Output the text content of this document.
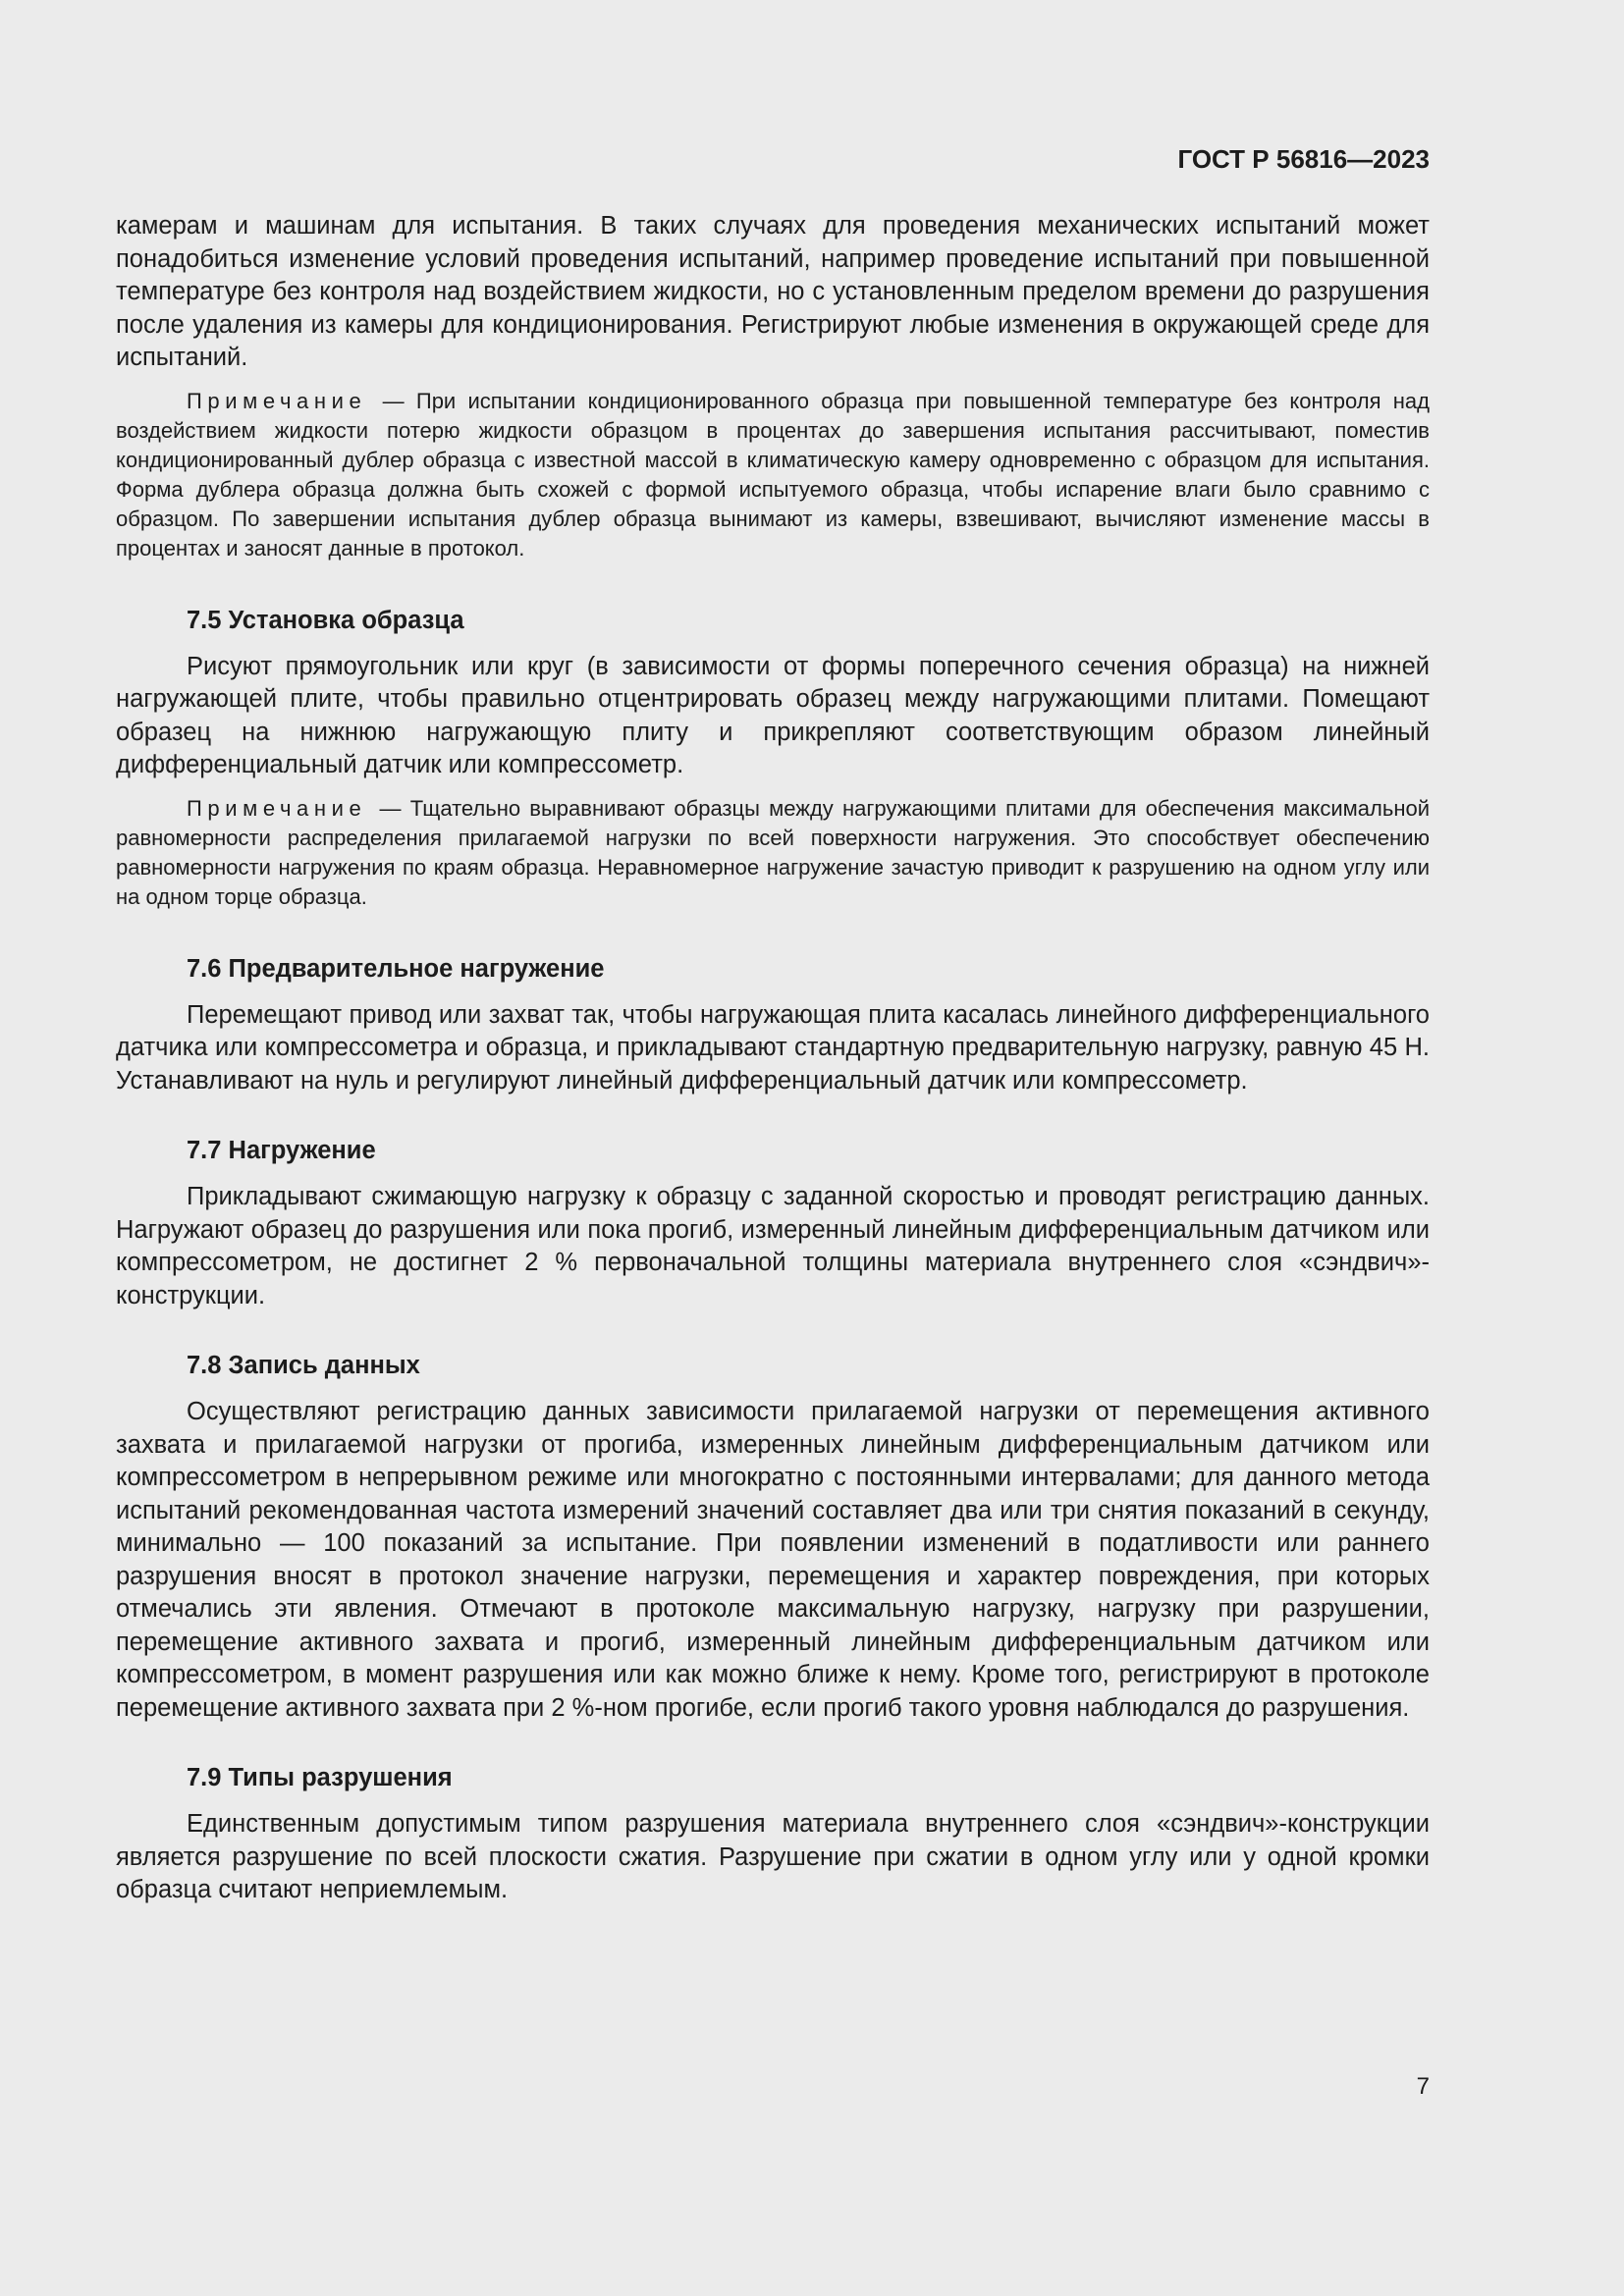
ГОСТ Р 56816—2023

камерам и машинам для испытания. В таких случаях для проведения механических испытаний может понадобиться изменение условий проведения испытаний, например проведение испытаний при повышенной температуре без контроля над воздействием жидкости, но с установленным пределом времени до разрушения после удаления из камеры для кондиционирования. Регистрируют любые изменения в окружающей среде для испытаний.

Примечание — При испытании кондиционированного образца при повышенной температуре без контроля над воздействием жидкости потерю жидкости образцом в процентах до завершения испытания рассчитывают, поместив кондиционированный дублер образца с известной массой в климатическую камеру одновременно с образцом для испытания. Форма дублера образца должна быть схожей с формой испытуемого образца, чтобы испарение влаги было сравнимо с образцом. По завершении испытания дублер образца вынимают из камеры, взвешивают, вычисляют изменение массы в процентах и заносят данные в протокол.

7.5 Установка образца

Рисуют прямоугольник или круг (в зависимости от формы поперечного сечения образца) на нижней нагружающей плите, чтобы правильно отцентрировать образец между нагружающими плитами. Помещают образец на нижнюю нагружающую плиту и прикрепляют соответствующим образом линейный дифференциальный датчик или компрессометр.

Примечание — Тщательно выравнивают образцы между нагружающими плитами для обеспечения максимальной равномерности распределения прилагаемой нагрузки по всей поверхности нагружения. Это способствует обеспечению равномерности нагружения по краям образца. Неравномерное нагружение зачастую приводит к разрушению на одном углу или на одном торце образца.

7.6 Предварительное нагружение

Перемещают привод или захват так, чтобы нагружающая плита касалась линейного дифференциального датчика или компрессометра и образца, и прикладывают стандартную предварительную нагрузку, равную 45 Н. Устанавливают на нуль и регулируют линейный дифференциальный датчик или компрессометр.

7.7 Нагружение

Прикладывают сжимающую нагрузку к образцу с заданной скоростью и проводят регистрацию данных. Нагружают образец до разрушения или пока прогиб, измеренный линейным дифференциальным датчиком или компрессометром, не достигнет 2 % первоначальной толщины материала внутреннего слоя «сэндвич»-конструкции.

7.8 Запись данных

Осуществляют регистрацию данных зависимости прилагаемой нагрузки от перемещения активного захвата и прилагаемой нагрузки от прогиба, измеренных линейным дифференциальным датчиком или компрессометром в непрерывном режиме или многократно с постоянными интервалами; для данного метода испытаний рекомендованная частота измерений значений составляет два или три снятия показаний в секунду, минимально — 100 показаний за испытание. При появлении изменений в податливости или раннего разрушения вносят в протокол значение нагрузки, перемещения и характер повреждения, при которых отмечались эти явления. Отмечают в протоколе максимальную нагрузку, нагрузку при разрушении, перемещение активного захвата и прогиб, измеренный линейным дифференциальным датчиком или компрессометром, в момент разрушения или как можно ближе к нему. Кроме того, регистрируют в протоколе перемещение активного захвата при 2 %-ном прогибе, если прогиб такого уровня наблюдался до разрушения.

7.9 Типы разрушения

Единственным допустимым типом разрушения материала внутреннего слоя «сэндвич»-конструкции является разрушение по всей плоскости сжатия. Разрушение при сжатии в одном углу или у одной кромки образца считают неприемлемым.

7
